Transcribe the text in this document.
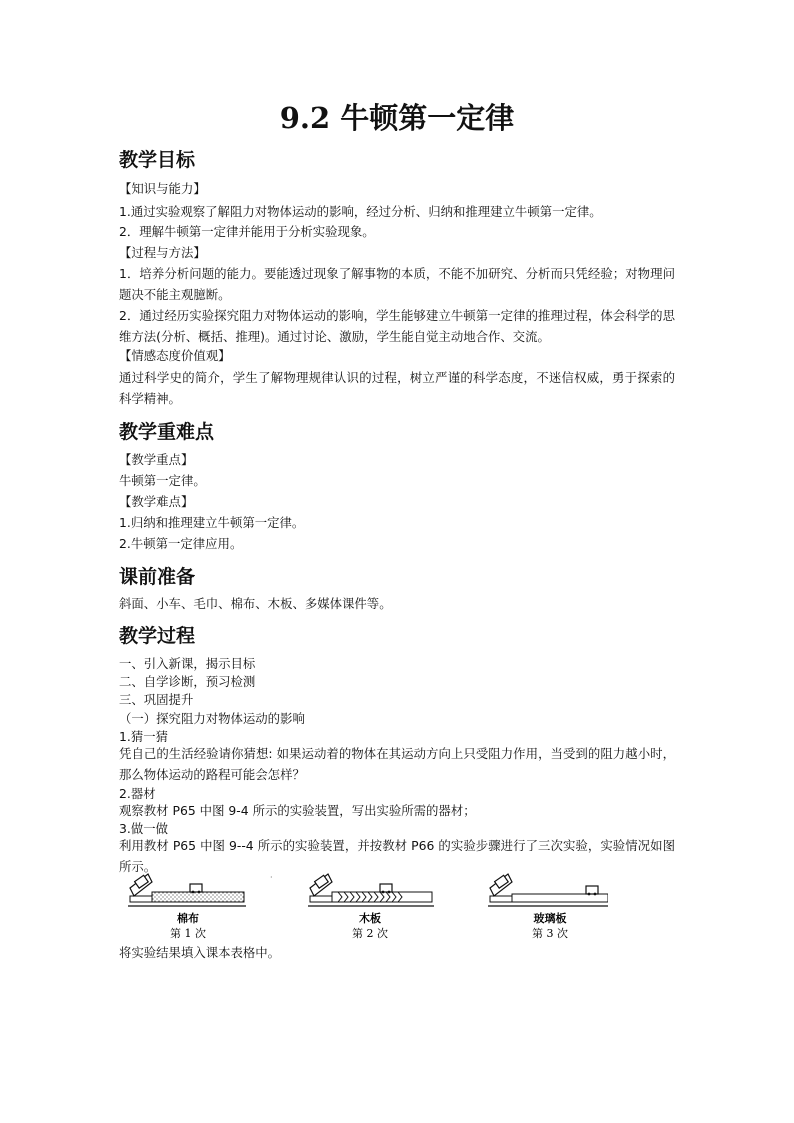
9.2 牛顿第一定律
教学目标
【知识与能力】
1.通过实验观察了解阻力对物体运动的影响，经过分析、归纳和推理建立牛顿第一定律。
2．理解牛顿第一定律并能用于分析实验现象。
【过程与方法】
1．培养分析问题的能力。要能透过现象了解事物的本质，不能不加研究、分析而只凭经验；对物理问题决不能主观臆断。
2．通过经历实验探究阻力对物体运动的影响，学生能够建立牛顿第一定律的推理过程，体会科学的思维方法(分析、概括、推理)。通过讨论、激励，学生能自觉主动地合作、交流。
【情感态度价值观】
通过科学史的简介，学生了解物理规律认识的过程，树立严谨的科学态度，不迷信权威，勇于探索的科学精神。
教学重难点
【教学重点】
牛顿第一定律。
【教学难点】
1.归纳和推理建立牛顿第一定律。
2.牛顿第一定律应用。
课前准备
斜面、小车、毛巾、棉布、木板、多媒体课件等。
教学过程
一、引入新课，揭示目标
二、自学诊断，预习检测
三、巩固提升
（一）探究阻力对物体运动的影响
1.猜一猜
凭自己的生活经验请你猜想: 如果运动着的物体在其运动方向上只受阻力作用，当受到的阻力越小时，那么物体运动的路程可能会怎样？
2.器材
观察教材 P65 中图 9-4 所示的实验装置，写出实验所需的器材；
3.做一做
利用教材 P65 中图 9--4 所示的实验装置，并按教材 P66 的实验步骤进行了三次实验，实验情况如图所示。
棉布
第 1 次
·
木板
第 2 次
玻璃板
第 3 次
将实验结果填入课本表格中。
